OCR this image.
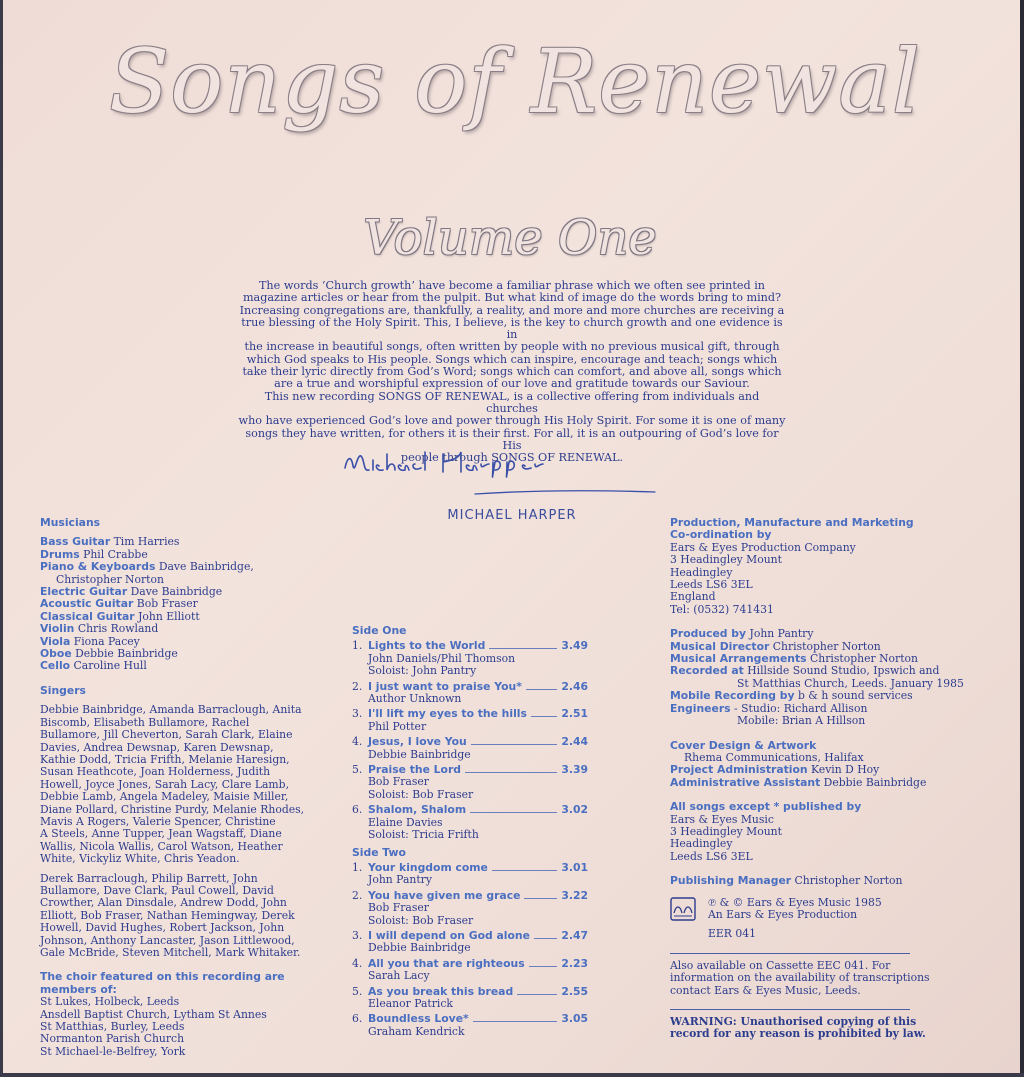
Songs of Renewal
Volume One

The words ‘Church growth’ have become a familiar phrase which we often see printed in

magazine articles or hear from the pulpit. But what kind of image do the words bring to mind?

Increasing congregations are, thankfully, a reality, and more and more churches are receiving a

true blessing of the Holy Spirit. This, I believe, is the key to church growth and one evidence is in

the increase in beautiful songs, often written by people with no previous musical gift, through

which God speaks to His people. Songs which can inspire, encourage and teach; songs which

take their lyric directly from God’s Word; songs which can comfort, and above all, songs which

are a true and worshipful expression of our love and gratitude towards our Saviour.

This new recording SONGS OF RENEWAL, is a collective offering from individuals and churches

who have experienced God’s love and power through His Holy Spirit. For some it is one of many

songs they have written, for others it is their first. For all, it is an outpouring of God’s love for His

people through SONGS OF RENEWAL.

MICHAEL HARPER
Musicians
Bass Guitar Tim Harries
Drums Phil Crabbe
Piano & Keyboards Dave Bainbridge,
Christopher Norton
Electric Guitar Dave Bainbridge
Acoustic Guitar Bob Fraser
Classical Guitar John Elliott
Violin Chris Rowland
Viola Fiona Pacey
Oboe Debbie Bainbridge
Cello Caroline Hull
Singers
Debbie Bainbridge, Amanda Barraclough, Anita
Biscomb, Elisabeth Bullamore, Rachel
Bullamore, Jill Cheverton, Sarah Clark, Elaine
Davies, Andrea Dewsnap, Karen Dewsnap,
Kathie Dodd, Tricia Frifth, Melanie Haresign,
Susan Heathcote, Joan Holderness, Judith
Howell, Joyce Jones, Sarah Lacy, Clare Lamb,
Debbie Lamb, Angela Madeley, Maisie Miller,
Diane Pollard, Christine Purdy, Melanie Rhodes,
Mavis A Rogers, Valerie Spencer, Christine
A Steels, Anne Tupper, Jean Wagstaff, Diane
Wallis, Nicola Wallis, Carol Watson, Heather
White, Vickyliz White, Chris Yeadon.
Derek Barraclough, Philip Barrett, John
Bullamore, Dave Clark, Paul Cowell, David
Crowther, Alan Dinsdale, Andrew Dodd, John
Elliott, Bob Fraser, Nathan Hemingway, Derek
Howell, David Hughes, Robert Jackson, John
Johnson, Anthony Lancaster, Jason Littlewood,
Gale McBride, Steven Mitchell, Mark Whitaker.
The choir featured on this recording are
members of:
St Lukes, Holbeck, Leeds
Ansdell Baptist Church, Lytham St Annes
St Matthias, Burley, Leeds
Normanton Parish Church
St Michael-le-Belfrey, York
Side One
1. Lights to the World	3.49
John Daniels/Phil Thomson
Soloist: John Pantry
2. I just want to praise You*	2.46
Author Unknown
3. I'll lift my eyes to the hills	2.51
Phil Potter
4. Jesus, I love You	2.44
Debbie Bainbridge
5. Praise the Lord	3.39
Bob Fraser
Soloist: Bob Fraser
6. Shalom, Shalom	3.02
Elaine Davies
Soloist: Tricia Frifth
Side Two
1. Your kingdom come	3.01
John Pantry
2. You have given me grace	3.22
Bob Fraser
Soloist: Bob Fraser
3. I will depend on God alone	2.47
Debbie Bainbridge
4. All you that are righteous	2.23
Sarah Lacy
5. As you break this bread	2.55
Eleanor Patrick
6. Boundless Love*	3.05
Graham Kendrick
Production, Manufacture and Marketing
Co-ordination by
Ears & Eyes Production Company
3 Headingley Mount
Headingley
Leeds LS6 3EL
England
Tel: (0532) 741431
Produced by John Pantry
Musical Director Christopher Norton
Musical Arrangements Christopher Norton
Recorded at Hillside Sound Studio, Ipswich and
St Matthias Church, Leeds. January 1985
Mobile Recording by b & h sound services
Engineers - Studio: Richard Allison
Mobile: Brian A Hillson
Cover Design & Artwork
Rhema Communications, Halifax
Project Administration Kevin D Hoy
Administrative Assistant Debbie Bainbridge
All songs except * published by
Ears & Eyes Music
3 Headingley Mount
Headingley
Leeds LS6 3EL
Publishing Manager Christopher Norton
℗ & © Ears & Eyes Music 1985
An Ears & Eyes Production
EER 041
Also available on Cassette EEC 041. For
information on the availability of transcriptions
contact Ears & Eyes Music, Leeds.
WARNING: Unauthorised copying of this
record for any reason is prohibited by law.
